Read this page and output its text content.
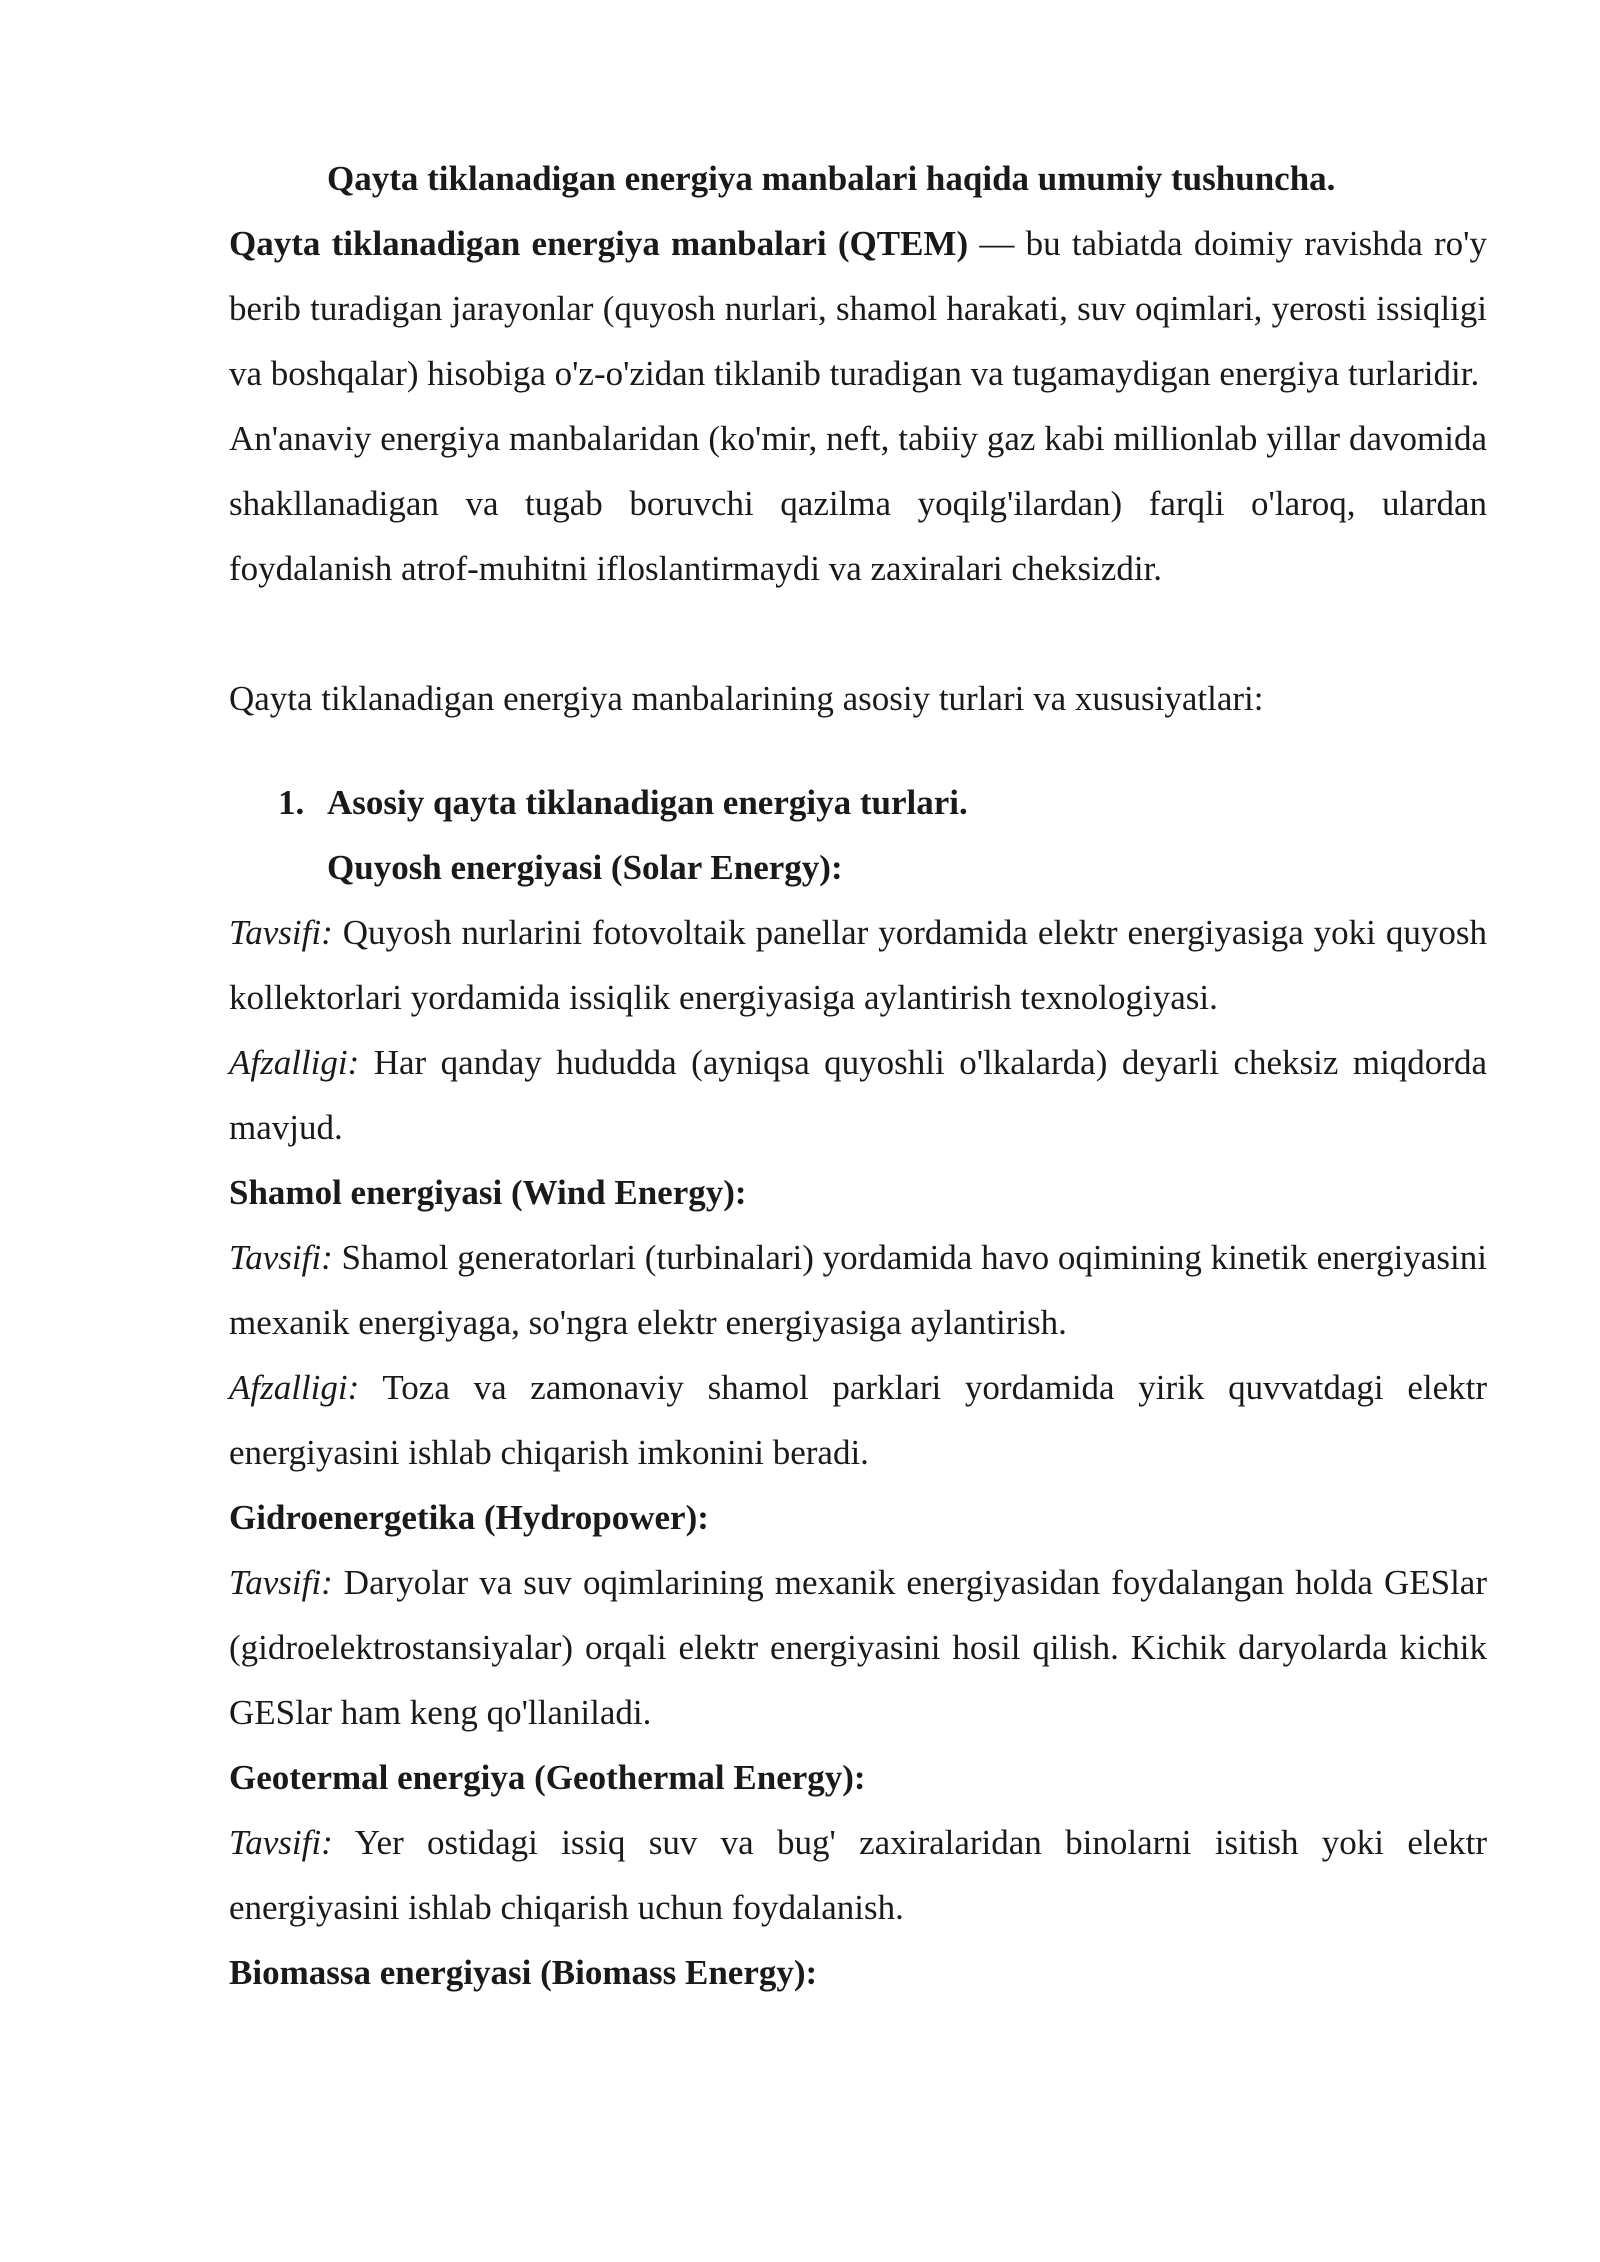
Qayta tiklanadigan energiya manbalari haqida umumiy tushuncha.

Qayta tiklanadigan energiya manbalari (QTEM) — bu tabiatda doimiy ravishda ro'y berib turadigan jarayonlar (quyosh nurlari, shamol harakati, suv oqimlari, yerosti issiqligi va boshqalar) hisobiga o'z-o'zidan tiklanib turadigan va tugamaydigan energiya turlaridir.

An'anaviy energiya manbalaridan (ko'mir, neft, tabiiy gaz kabi millionlab yillar davomida shakllanadigan va tugab boruvchi qazilma yoqilg'ilardan) farqli o'laroq, ulardan foydalanish atrof-muhitni ifloslantirmaydi va zaxiralari cheksizdir.

Qayta tiklanadigan energiya manbalarining asosiy turlari va xususiyatlari:

1. Asosiy qayta tiklanadigan energiya turlari.

Quyosh energiyasi (Solar Energy):

Tavsifi: Quyosh nurlarini fotovoltaik panellar yordamida elektr energiyasiga yoki quyosh kollektorlari yordamida issiqlik energiyasiga aylantirish texnologiyasi.

Afzalligi: Har qanday hududda (ayniqsa quyoshli o'lkalarda) deyarli cheksiz miqdorda mavjud.

Shamol energiyasi (Wind Energy):

Tavsifi: Shamol generatorlari (turbinalari) yordamida havo oqimining kinetik energiyasini mexanik energiyaga, so'ngra elektr energiyasiga aylantirish.

Afzalligi: Toza va zamonaviy shamol parklari yordamida yirik quvvatdagi elektr energiyasini ishlab chiqarish imkonini beradi.

Gidroenergetika (Hydropower):

Tavsifi: Daryolar va suv oqimlarining mexanik energiyasidan foydalangan holda GESlar (gidroelektrostansiyalar) orqali elektr energiyasini hosil qilish. Kichik daryolarda kichik GESlar ham keng qo'llaniladi.

Geotermal energiya (Geothermal Energy):

Tavsifi: Yer ostidagi issiq suv va bug' zaxiralaridan binolarni isitish yoki elektr energiyasini ishlab chiqarish uchun foydalanish.

Biomassa energiyasi (Biomass Energy):
